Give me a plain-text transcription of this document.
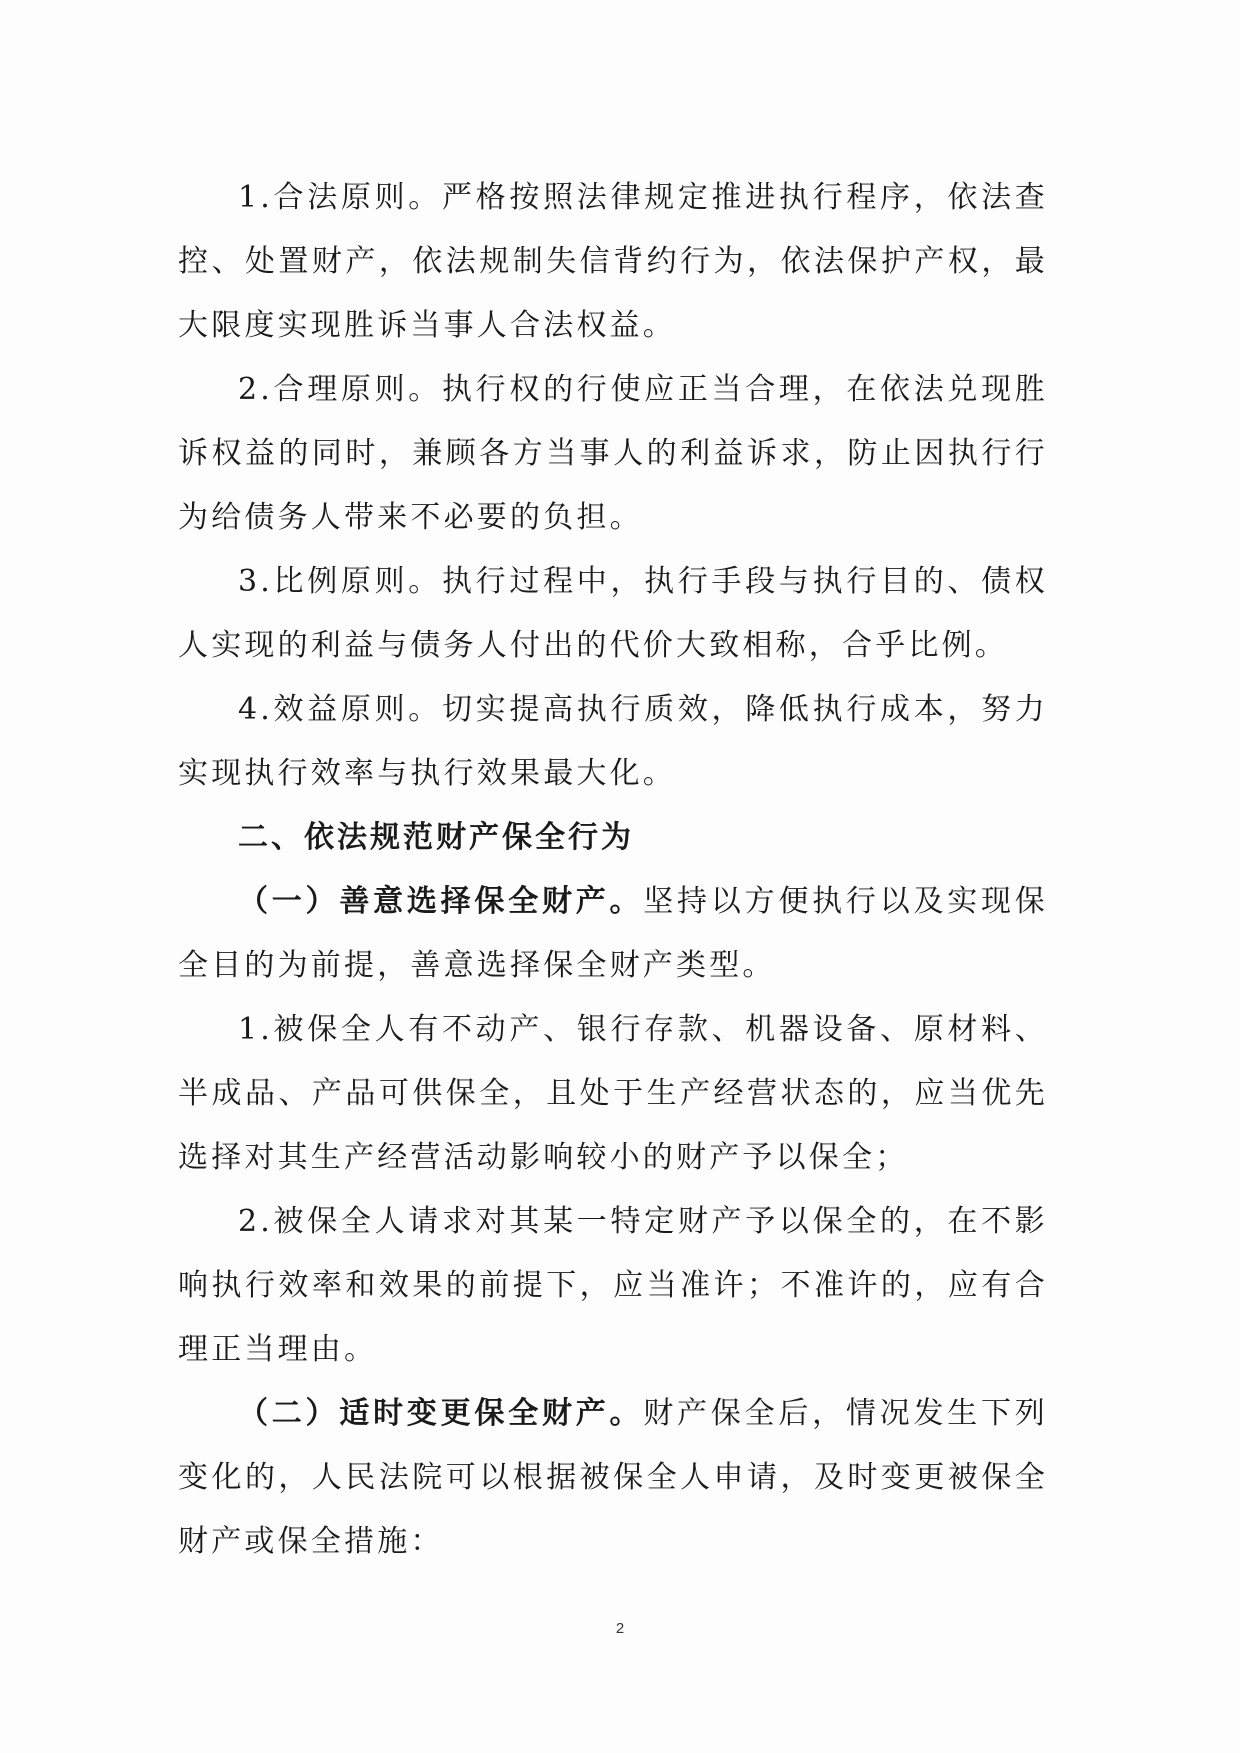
1.合法原则。严格按照法律规定推进执行程序，依法查控、处置财产，依法规制失信背约行为，依法保护产权，最大限度实现胜诉当事人合法权益。

2.合理原则。执行权的行使应正当合理，在依法兑现胜诉权益的同时，兼顾各方当事人的利益诉求，防止因执行行为给债务人带来不必要的负担。

3.比例原则。执行过程中，执行手段与执行目的、债权人实现的利益与债务人付出的代价大致相称，合乎比例。

4.效益原则。切实提高执行质效，降低执行成本，努力实现执行效率与执行效果最大化。

二、依法规范财产保全行为

（一）善意选择保全财产。坚持以方便执行以及实现保全目的为前提，善意选择保全财产类型。

1.被保全人有不动产、银行存款、机器设备、原材料、半成品、产品可供保全，且处于生产经营状态的，应当优先选择对其生产经营活动影响较小的财产予以保全；

2.被保全人请求对其某一特定财产予以保全的，在不影响执行效率和效果的前提下，应当准许；不准许的，应有合理正当理由。

（二）适时变更保全财产。财产保全后，情况发生下列变化的，人民法院可以根据被保全人申请，及时变更被保全财产或保全措施：

2
